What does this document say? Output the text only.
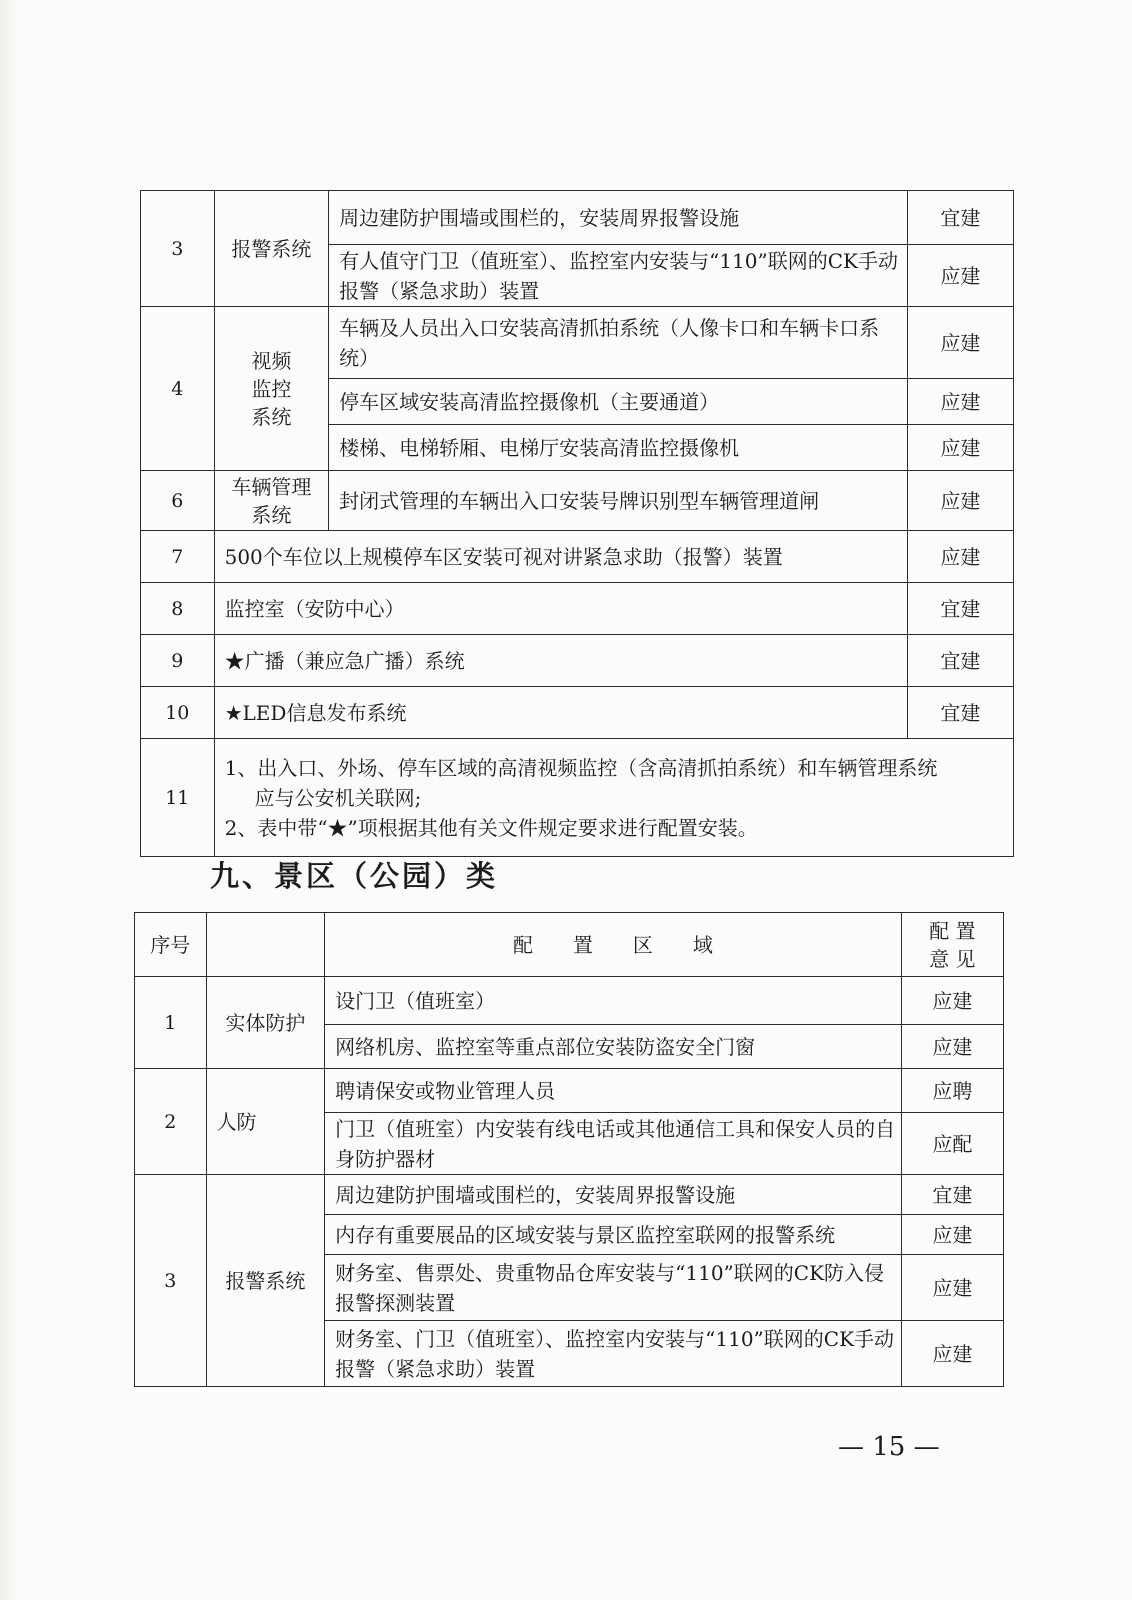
3	报警系统	周边建防护围墙或围栏的，安装周界报警设施	宜建
		有人值守门卫（值班室）、监控室内安装与“110”联网的CK手动报警（紧急求助）装置	应建
4	视频监控系统	车辆及人员出入口安装高清抓拍系统（人像卡口和车辆卡口系统）	应建
		停车区域安装高清监控摄像机（主要通道）	应建
		楼梯、电梯轿厢、电梯厅安装高清监控摄像机	应建
6	车辆管理系统	封闭式管理的车辆出入口安装号牌识别型车辆管理道闸	应建
7	500个车位以上规模停车区安装可视对讲紧急求助（报警）装置		应建
8	监控室（安防中心）		宜建
9	★广播（兼应急广播）系统		宜建
10	★LED信息发布系统		宜建
11	1、出入口、外场、停车区域的高清视频监控（含高清抓拍系统）和车辆管理系统
应与公安机关联网;
2、表中带“★”项根据其他有关文件规定要求进行配置安装。		
九、景区（公园）类
序号		配　　置　　区　　域	配 置
意 见

1	实体防护	设门卫（值班室）	应建
		网络机房、监控室等重点部位安装防盗安全门窗	应建
2	人防	聘请保安或物业管理人员	应聘
		门卫（值班室）内安装有线电话或其他通信工具和保安人员的自身防护器材	应配
3	报警系统	周边建防护围墙或围栏的，安装周界报警设施	宜建
		内存有重要展品的区域安装与景区监控室联网的报警系统	应建
		财务室、售票处、贵重物品仓库安装与“110”联网的CK防入侵报警探测装置	应建
		财务室、门卫（值班室）、监控室内安装与“110”联网的CK手动报警（紧急求助）装置	应建
— 15 —
